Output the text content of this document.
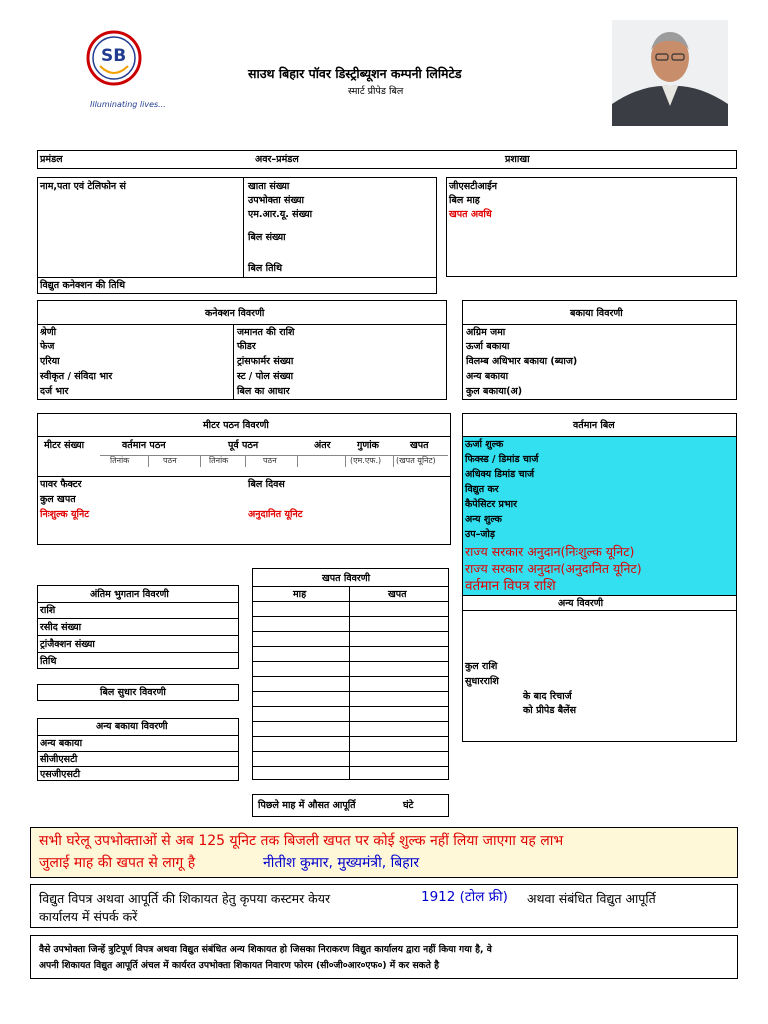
SB
Illuminating lives...
साउथ बिहार पॉवर डिस्ट्रीब्यूशन कम्पनी लिमिटेड
स्मार्ट प्रीपेड बिल
प्रमंडल	अवर–प्रमंडल	प्रशाखा
नाम,पता एवं टेलिफोन सं
विद्युत कनेक्शन की तिथि
खाता संख्या
उपभोक्ता संख्या
एम.आर.यू. संख्या
बिल संख्या
बिल तिथि
जीएसटीआईन
बिल माह
खपत अवधि
कनेक्शन विवरणी
श्रेणी
फेज
एरिया
स्वीकृत / संविदा भार
दर्ज भार
जमानत की राशि
फीडर
ट्रांसफार्मर संख्या
स्ट / पोल संख्या
बिल का आधार
बकाया विवरणी
अग्रिम जमा
ऊर्जा बकाया
विलम्ब अधिभार बकाया (ब्याज)
अन्य बकाया
कुल बकाया(अ)
मीटर पठन विवरणी
मीटर संख्या	वर्तमान पठन	पूर्व पठन	अंतर	गुणांक	खपत
तिनांक	पठन	तिनांक	पठन	(एम.एफ.) (खपत यूनिट)
पावर फैक्टर
कुल खपत
निःशुल्क यूनिट
बिल दिवस
अनुदानित यूनिट
वर्तमान बिल
ऊर्जा शुल्क
फिक्स्ड / डिमांड चार्ज
अधिक्य डिमांड चार्ज
विद्युत कर
कैपेसिटर प्रभार
अन्य शुल्क
उप–जोड़
राज्य सरकार अनुदान(निःशुल्क यूनिट)
राज्य सरकार अनुदान(अनुदानित यूनिट)
वर्तमान विपत्र राशि
अन्य विवरणी
कुल राशि
सुधारराशि
के बाद रिचार्ज
को प्रीपेड बैलेंस
अंतिम भुगतान विवरणी
राशि
रसीद संख्या
ट्रांजैक्शन संख्या
तिथि
बिल सुधार विवरणी
अन्य बकाया विवरणी
अन्य बकाया
सीजीएसटी
एसजीएसटी
खपत विवरणी
माह	खपत
पिछले माह में औसत आपूर्ति	घंटे
सभी घरेलू उपभोक्ताओं से अब 125 यूनिट तक बिजली खपत पर कोई शुल्क नहीं लिया जाएगा यह लाभ
जुलाई माह की खपत से लागू है	नीतीश कुमार, मुख्यमंत्री, बिहार
विद्युत विपत्र अथवा आपूर्ति की शिकायत हेतु कृपया कस्टमर केयर	1912 (टोल फ्री) अथवा संबंधित विद्युत आपूर्ति
कार्यालय में संपर्क करें
वैसे उपभोक्ता जिन्हें त्रुटिपूर्ण विपत्र अथवा विद्युत संबंधित अन्य शिकायत हो जिसका निराकरण विद्युत कार्यालय द्वारा नहीं किया गया है, वे
अपनी शिकायत विद्युत आपूर्ति अंचल में कार्यरत उपभोक्ता शिकायत निवारण फोरम (सी०जी०आर०एफ०) में कर सकते है
